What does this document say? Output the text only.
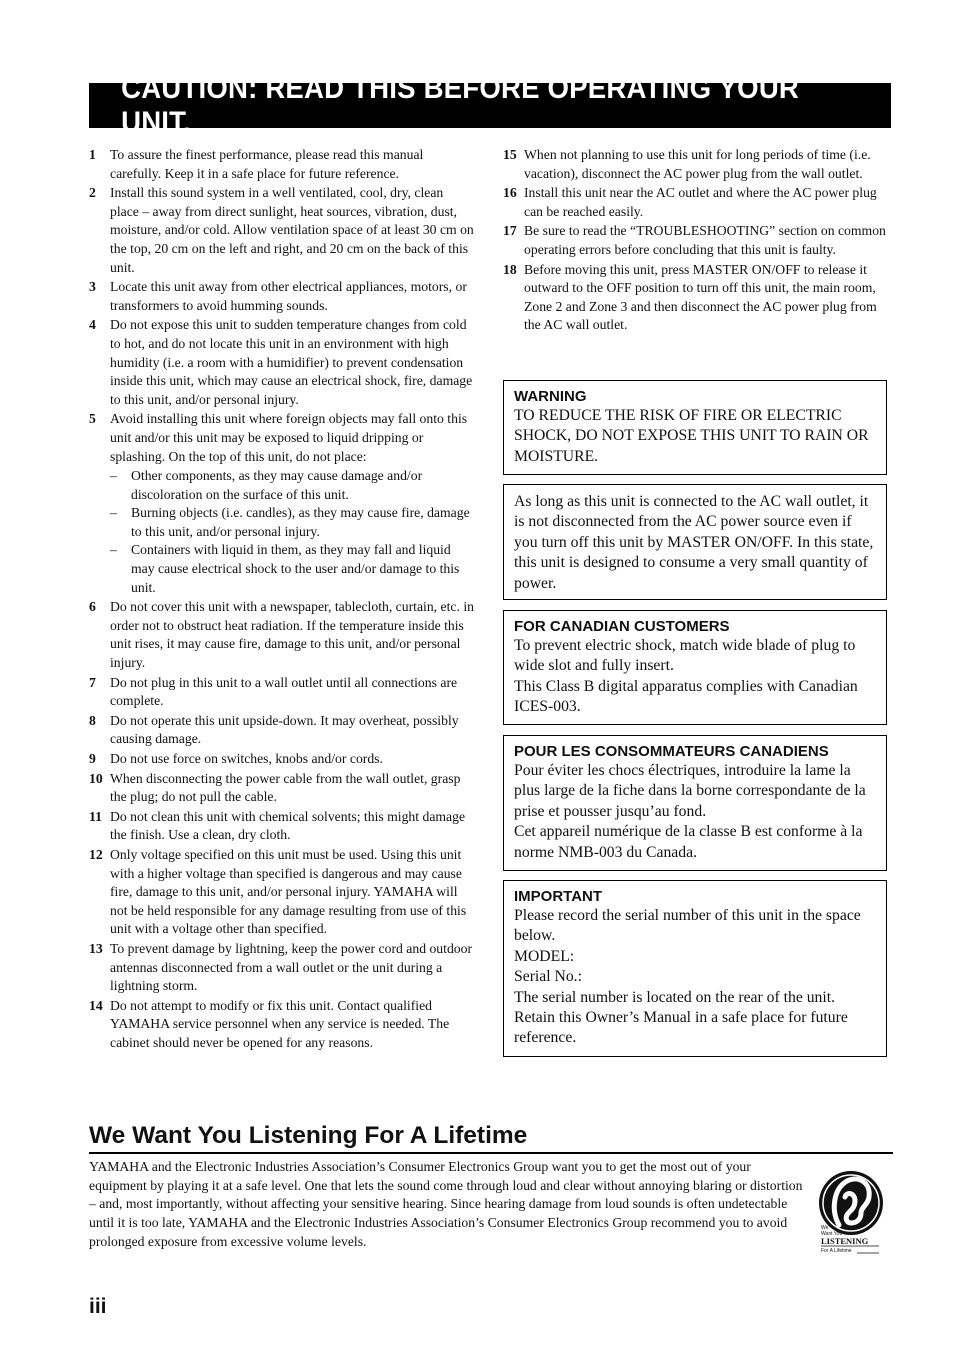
CAUTION: READ THIS BEFORE OPERATING YOUR UNIT.
1	To assure the finest performance, please read this manual carefully. Keep it in a safe place for future reference.
2	Install this sound system in a well ventilated, cool, dry, clean place – away from direct sunlight, heat sources, vibration, dust, moisture, and/or cold. Allow ventilation space of at least 30 cm on the top, 20 cm on the left and right, and 20 cm on the back of this unit.
3	Locate this unit away from other electrical appliances, motors, or transformers to avoid humming sounds.
4	Do not expose this unit to sudden temperature changes from cold to hot, and do not locate this unit in an environment with high humidity (i.e. a room with a humidifier) to prevent condensation inside this unit, which may cause an electrical shock, fire, damage to this unit, and/or personal injury.
5	Avoid installing this unit where foreign objects may fall onto this unit and/or this unit may be exposed to liquid dripping or splashing. On the top of this unit, do not place:
–	Other components, as they may cause damage and/or discoloration on the surface of this unit.
–	Burning objects (i.e. candles), as they may cause fire, damage to this unit, and/or personal injury.
–	Containers with liquid in them, as they may fall and liquid may cause electrical shock to the user and/or damage to this unit.
6	Do not cover this unit with a newspaper, tablecloth, curtain, etc. in order not to obstruct heat radiation. If the temperature inside this unit rises, it may cause fire, damage to this unit, and/or personal injury.
7	Do not plug in this unit to a wall outlet until all connections are complete.
8	Do not operate this unit upside-down. It may overheat, possibly causing damage.
9	Do not use force on switches, knobs and/or cords.
10 When disconnecting the power cable from the wall outlet, grasp the plug; do not pull the cable.
11 Do not clean this unit with chemical solvents; this might damage the finish. Use a clean, dry cloth.
12 Only voltage specified on this unit must be used. Using this unit with a higher voltage than specified is dangerous and may cause fire, damage to this unit, and/or personal injury. YAMAHA will not be held responsible for any damage resulting from use of this unit with a voltage other than specified.
13 To prevent damage by lightning, keep the power cord and outdoor antennas disconnected from a wall outlet or the unit during a lightning storm.
14 Do not attempt to modify or fix this unit. Contact qualified YAMAHA service personnel when any service is needed. The cabinet should never be opened for any reasons.
15 When not planning to use this unit for long periods of time (i.e. vacation), disconnect the AC power plug from the wall outlet.
16 Install this unit near the AC outlet and where the AC power plug can be reached easily.
17 Be sure to read the “TROUBLESHOOTING” section on common operating errors before concluding that this unit is faulty.
18 Before moving this unit, press MASTER ON/OFF to release it outward to the OFF position to turn off this unit, the main room, Zone 2 and Zone 3 and then disconnect the AC power plug from the AC wall outlet.
WARNING

TO REDUCE THE RISK OF FIRE OR ELECTRIC SHOCK, DO NOT EXPOSE THIS UNIT TO RAIN OR MOISTURE.

As long as this unit is connected to the AC wall outlet, it is not disconnected from the AC power source even if you turn off this unit by MASTER ON/OFF. In this state, this unit is designed to consume a very small quantity of power.

FOR CANADIAN CUSTOMERS

To prevent electric shock, match wide blade of plug to wide slot and fully insert.

This Class B digital apparatus complies with Canadian ICES-003.

POUR LES CONSOMMATEURS CANADIENS

Pour éviter les chocs électriques, introduire la lame la plus large de la fiche dans la borne correspondante de la prise et pousser jusqu’au fond.

Cet appareil numérique de la classe B est conforme à la norme NMB-003 du Canada.

IMPORTANT

Please record the serial number of this unit in the space below.

MODEL:

Serial No.:

The serial number is located on the rear of the unit. Retain this Owner’s Manual in a safe place for future reference.

We Want You Listening For A Lifetime
YAMAHA and the Electronic Industries Association’s Consumer Electronics Group want you to get the most out of your equipment by playing it at a safe level. One that lets the sound come through loud and clear without annoying blaring or distortion – and, most importantly, without affecting your sensitive hearing. Since hearing damage from loud sounds is often undetectable until it is too late, YAMAHA and the Electronic Industries Association’s Consumer Electronics Group recommend you to avoid prolonged exposure from excessive volume levels.
We
Want You
LISTENING
For A Lifetime
iii
